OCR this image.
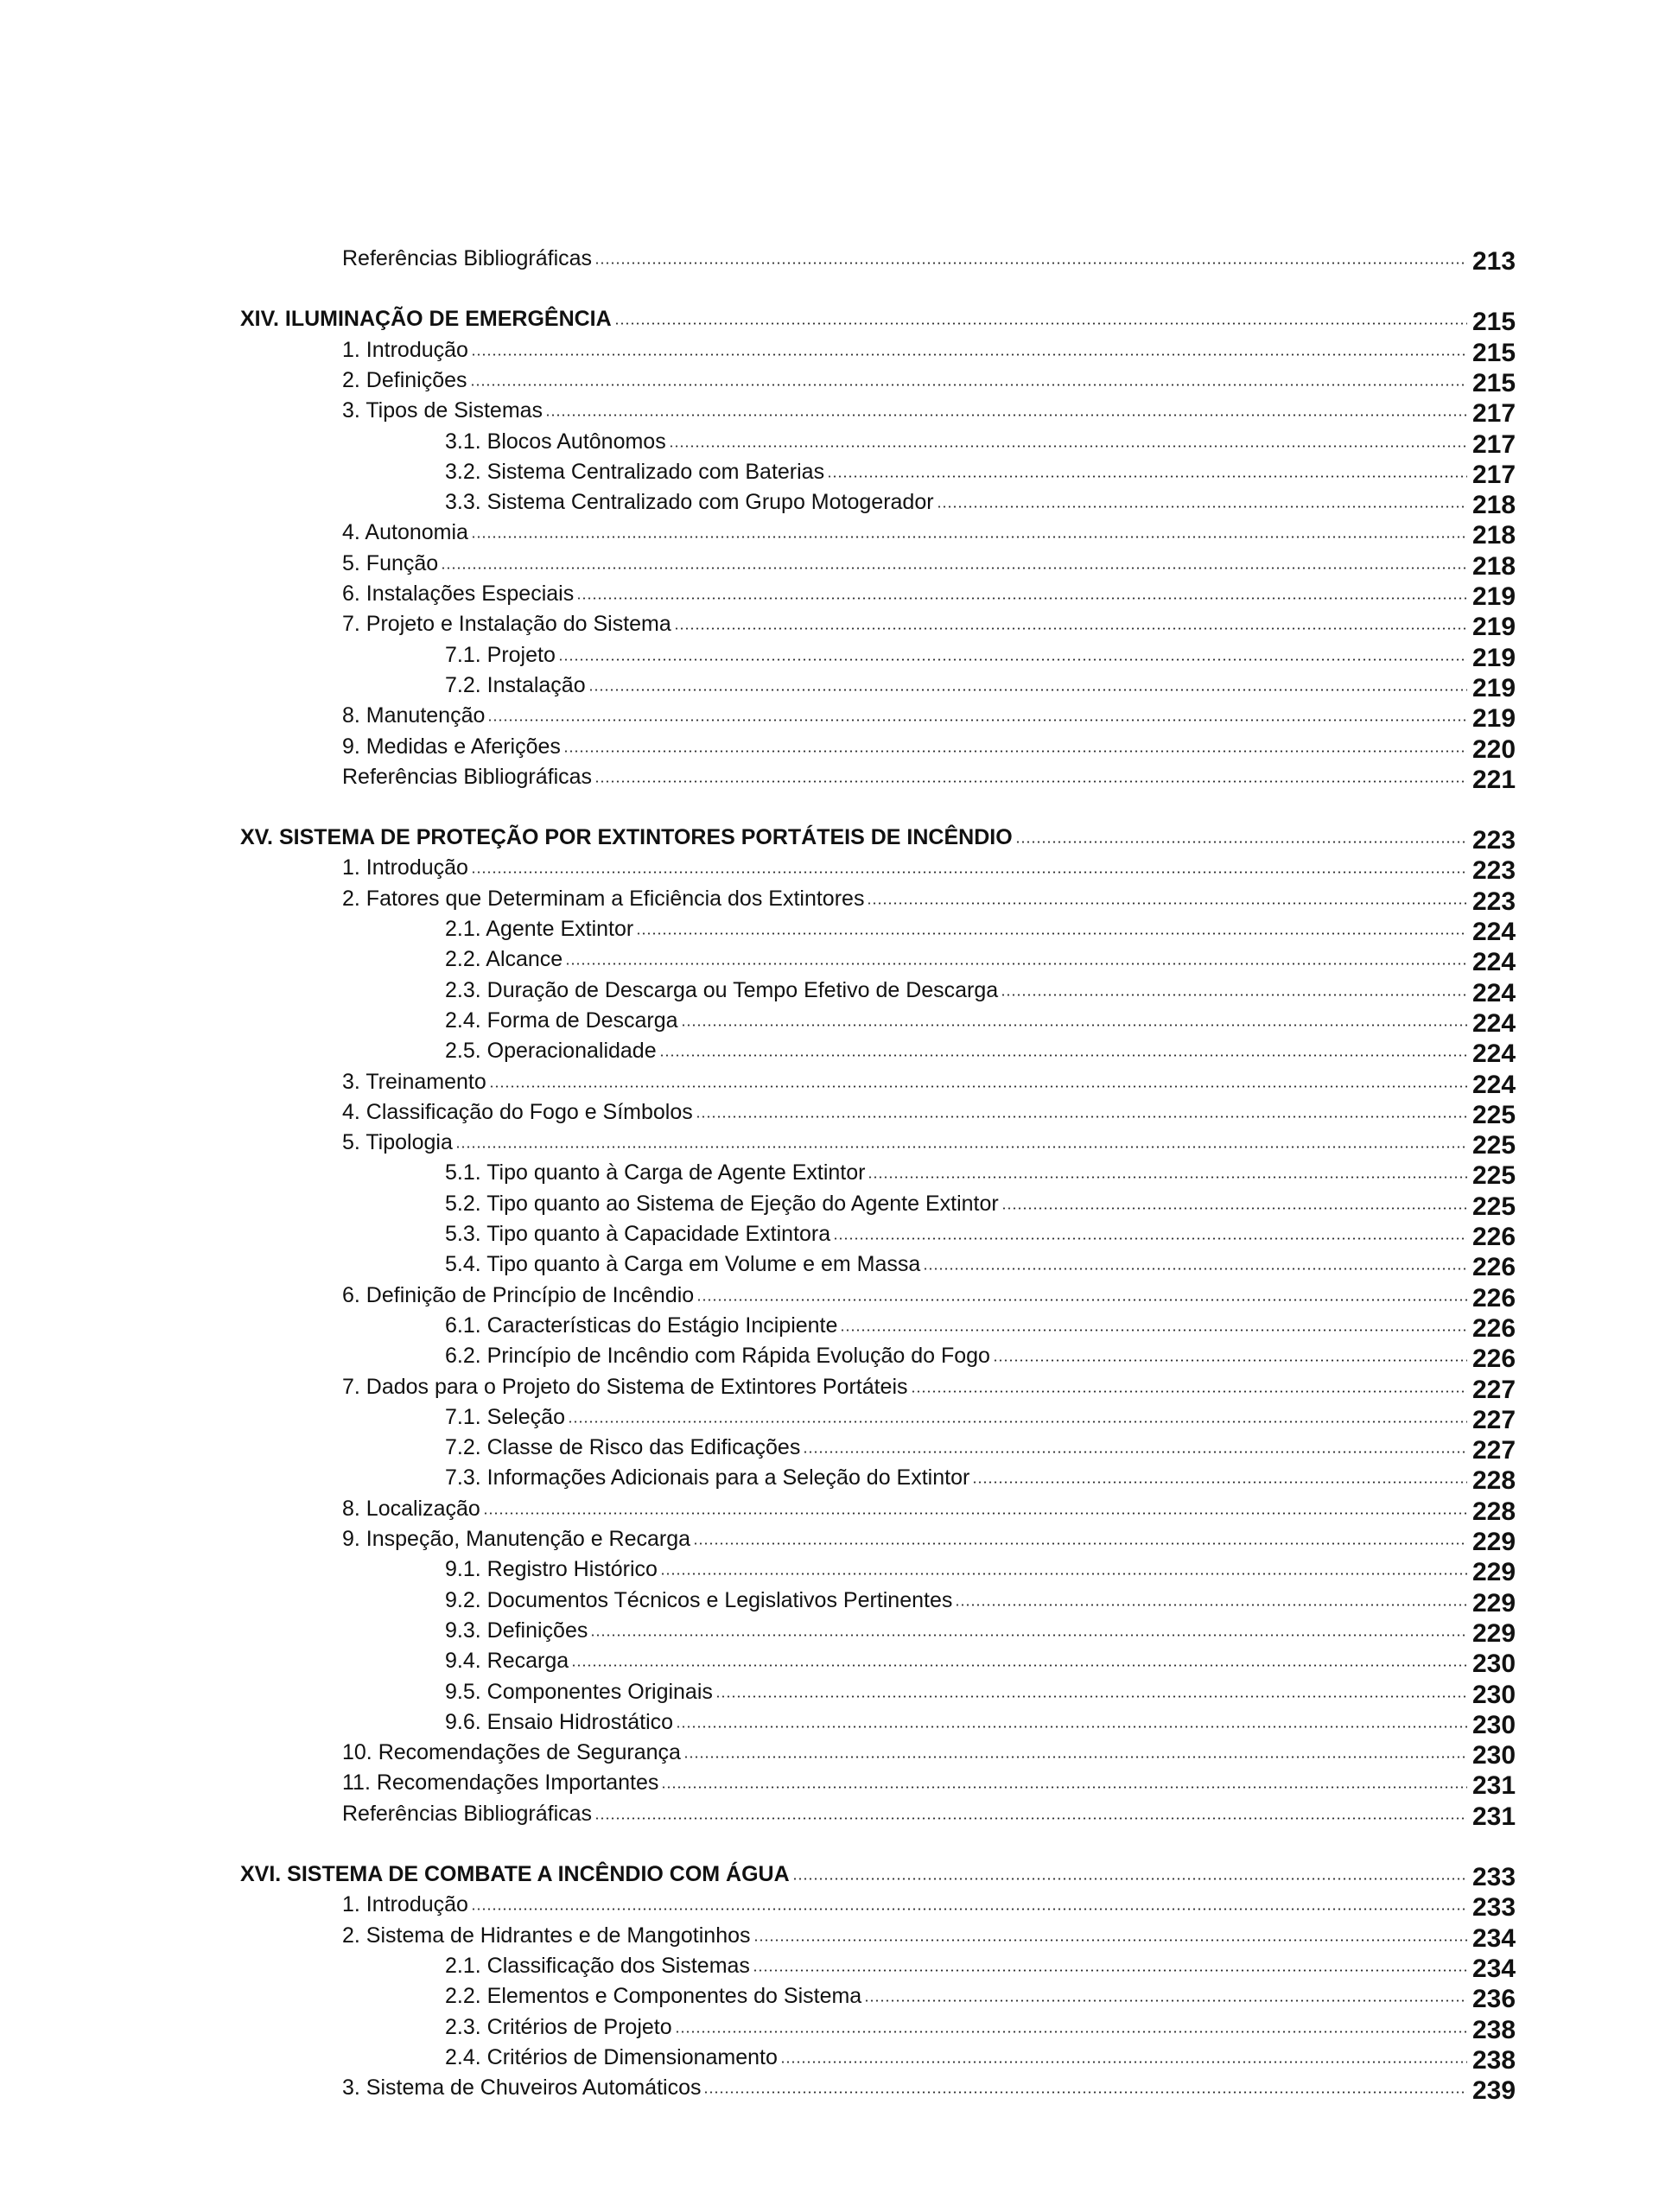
Referências Bibliográficas	213
XIV. ILUMINAÇÃO DE EMERGÊNCIA	215
1. Introdução	215
2. Definições	215
3. Tipos de Sistemas	217
3.1. Blocos Autônomos	217
3.2. Sistema Centralizado com Baterias	217
3.3. Sistema Centralizado com Grupo Motogerador	218
4. Autonomia	218
5. Função	218
6. Instalações Especiais	219
7. Projeto e Instalação do Sistema	219
7.1. Projeto	219
7.2. Instalação	219
8. Manutenção	219
9. Medidas e Aferições	220
Referências Bibliográficas	221
XV. SISTEMA DE PROTEÇÃO POR EXTINTORES PORTÁTEIS DE INCÊNDIO	223
1. Introdução	223
2. Fatores que Determinam a Eficiência dos Extintores	223
2.1. Agente Extintor	224
2.2. Alcance	224
2.3. Duração de Descarga ou Tempo Efetivo de Descarga	224
2.4. Forma de Descarga	224
2.5. Operacionalidade	224
3. Treinamento	224
4. Classificação do Fogo e Símbolos	225
5. Tipologia	225
5.1. Tipo quanto à Carga de Agente Extintor	225
5.2. Tipo quanto ao Sistema de Ejeção do Agente Extintor	225
5.3. Tipo quanto à Capacidade Extintora	226
5.4. Tipo quanto à Carga em Volume e em Massa	226
6. Definição de Princípio de Incêndio	226
6.1. Características do Estágio Incipiente	226
6.2. Princípio de Incêndio com Rápida Evolução do Fogo	226
7. Dados para o Projeto do Sistema de Extintores Portáteis	227
7.1. Seleção	227
7.2. Classe de Risco das Edificações	227
7.3. Informações Adicionais para a Seleção do Extintor	228
8. Localização	228
9. Inspeção, Manutenção e Recarga	229
9.1. Registro Histórico	229
9.2. Documentos Técnicos e Legislativos Pertinentes	229
9.3. Definições	229
9.4. Recarga	230
9.5. Componentes Originais	230
9.6. Ensaio Hidrostático	230
10. Recomendações de Segurança	230
11. Recomendações Importantes	231
Referências Bibliográficas	231
XVI. SISTEMA DE COMBATE A INCÊNDIO COM ÁGUA	233
1. Introdução	233
2. Sistema de Hidrantes e de Mangotinhos	234
2.1. Classificação dos Sistemas	234
2.2. Elementos e Componentes do Sistema	236
2.3. Critérios de Projeto	238
2.4. Critérios de Dimensionamento	238
3. Sistema de Chuveiros Automáticos	239
